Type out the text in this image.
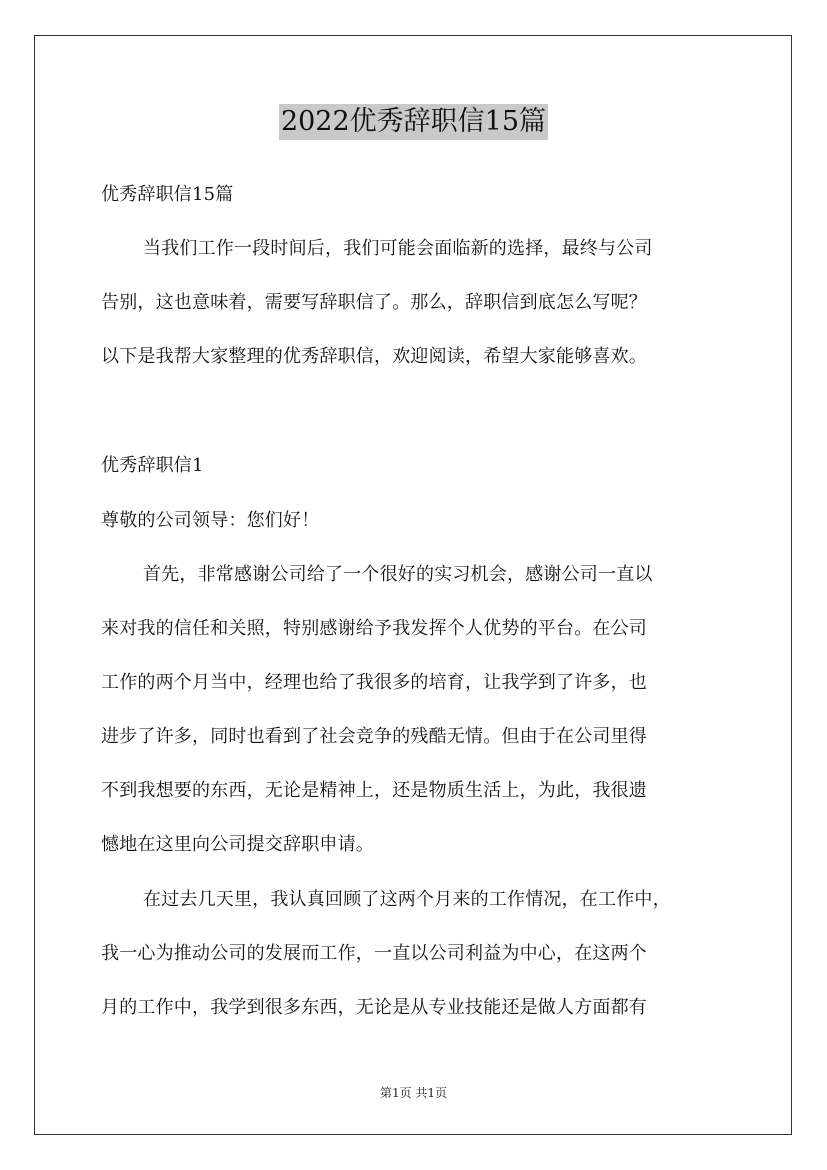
2022优秀辞职信15篇
优秀辞职信15篇
当我们工作一段时间后，我们可能会面临新的选择，最终与公司
告别，这也意味着，需要写辞职信了。那么，辞职信到底怎么写呢？
以下是我帮大家整理的优秀辞职信，欢迎阅读，希望大家能够喜欢。
优秀辞职信1
尊敬的公司领导：您们好！
首先，非常感谢公司给了一个很好的实习机会，感谢公司一直以
来对我的信任和关照，特别感谢给予我发挥个人优势的平台。在公司
工作的两个月当中，经理也给了我很多的培育，让我学到了许多，也
进步了许多，同时也看到了社会竞争的残酷无情。但由于在公司里得
不到我想要的东西，无论是精神上，还是物质生活上，为此，我很遗
憾地在这里向公司提交辞职申请。
在过去几天里，我认真回顾了这两个月来的工作情况，在工作中，
我一心为推动公司的发展而工作，一直以公司利益为中心，在这两个
月的工作中，我学到很多东西，无论是从专业技能还是做人方面都有
第1页 共1页
